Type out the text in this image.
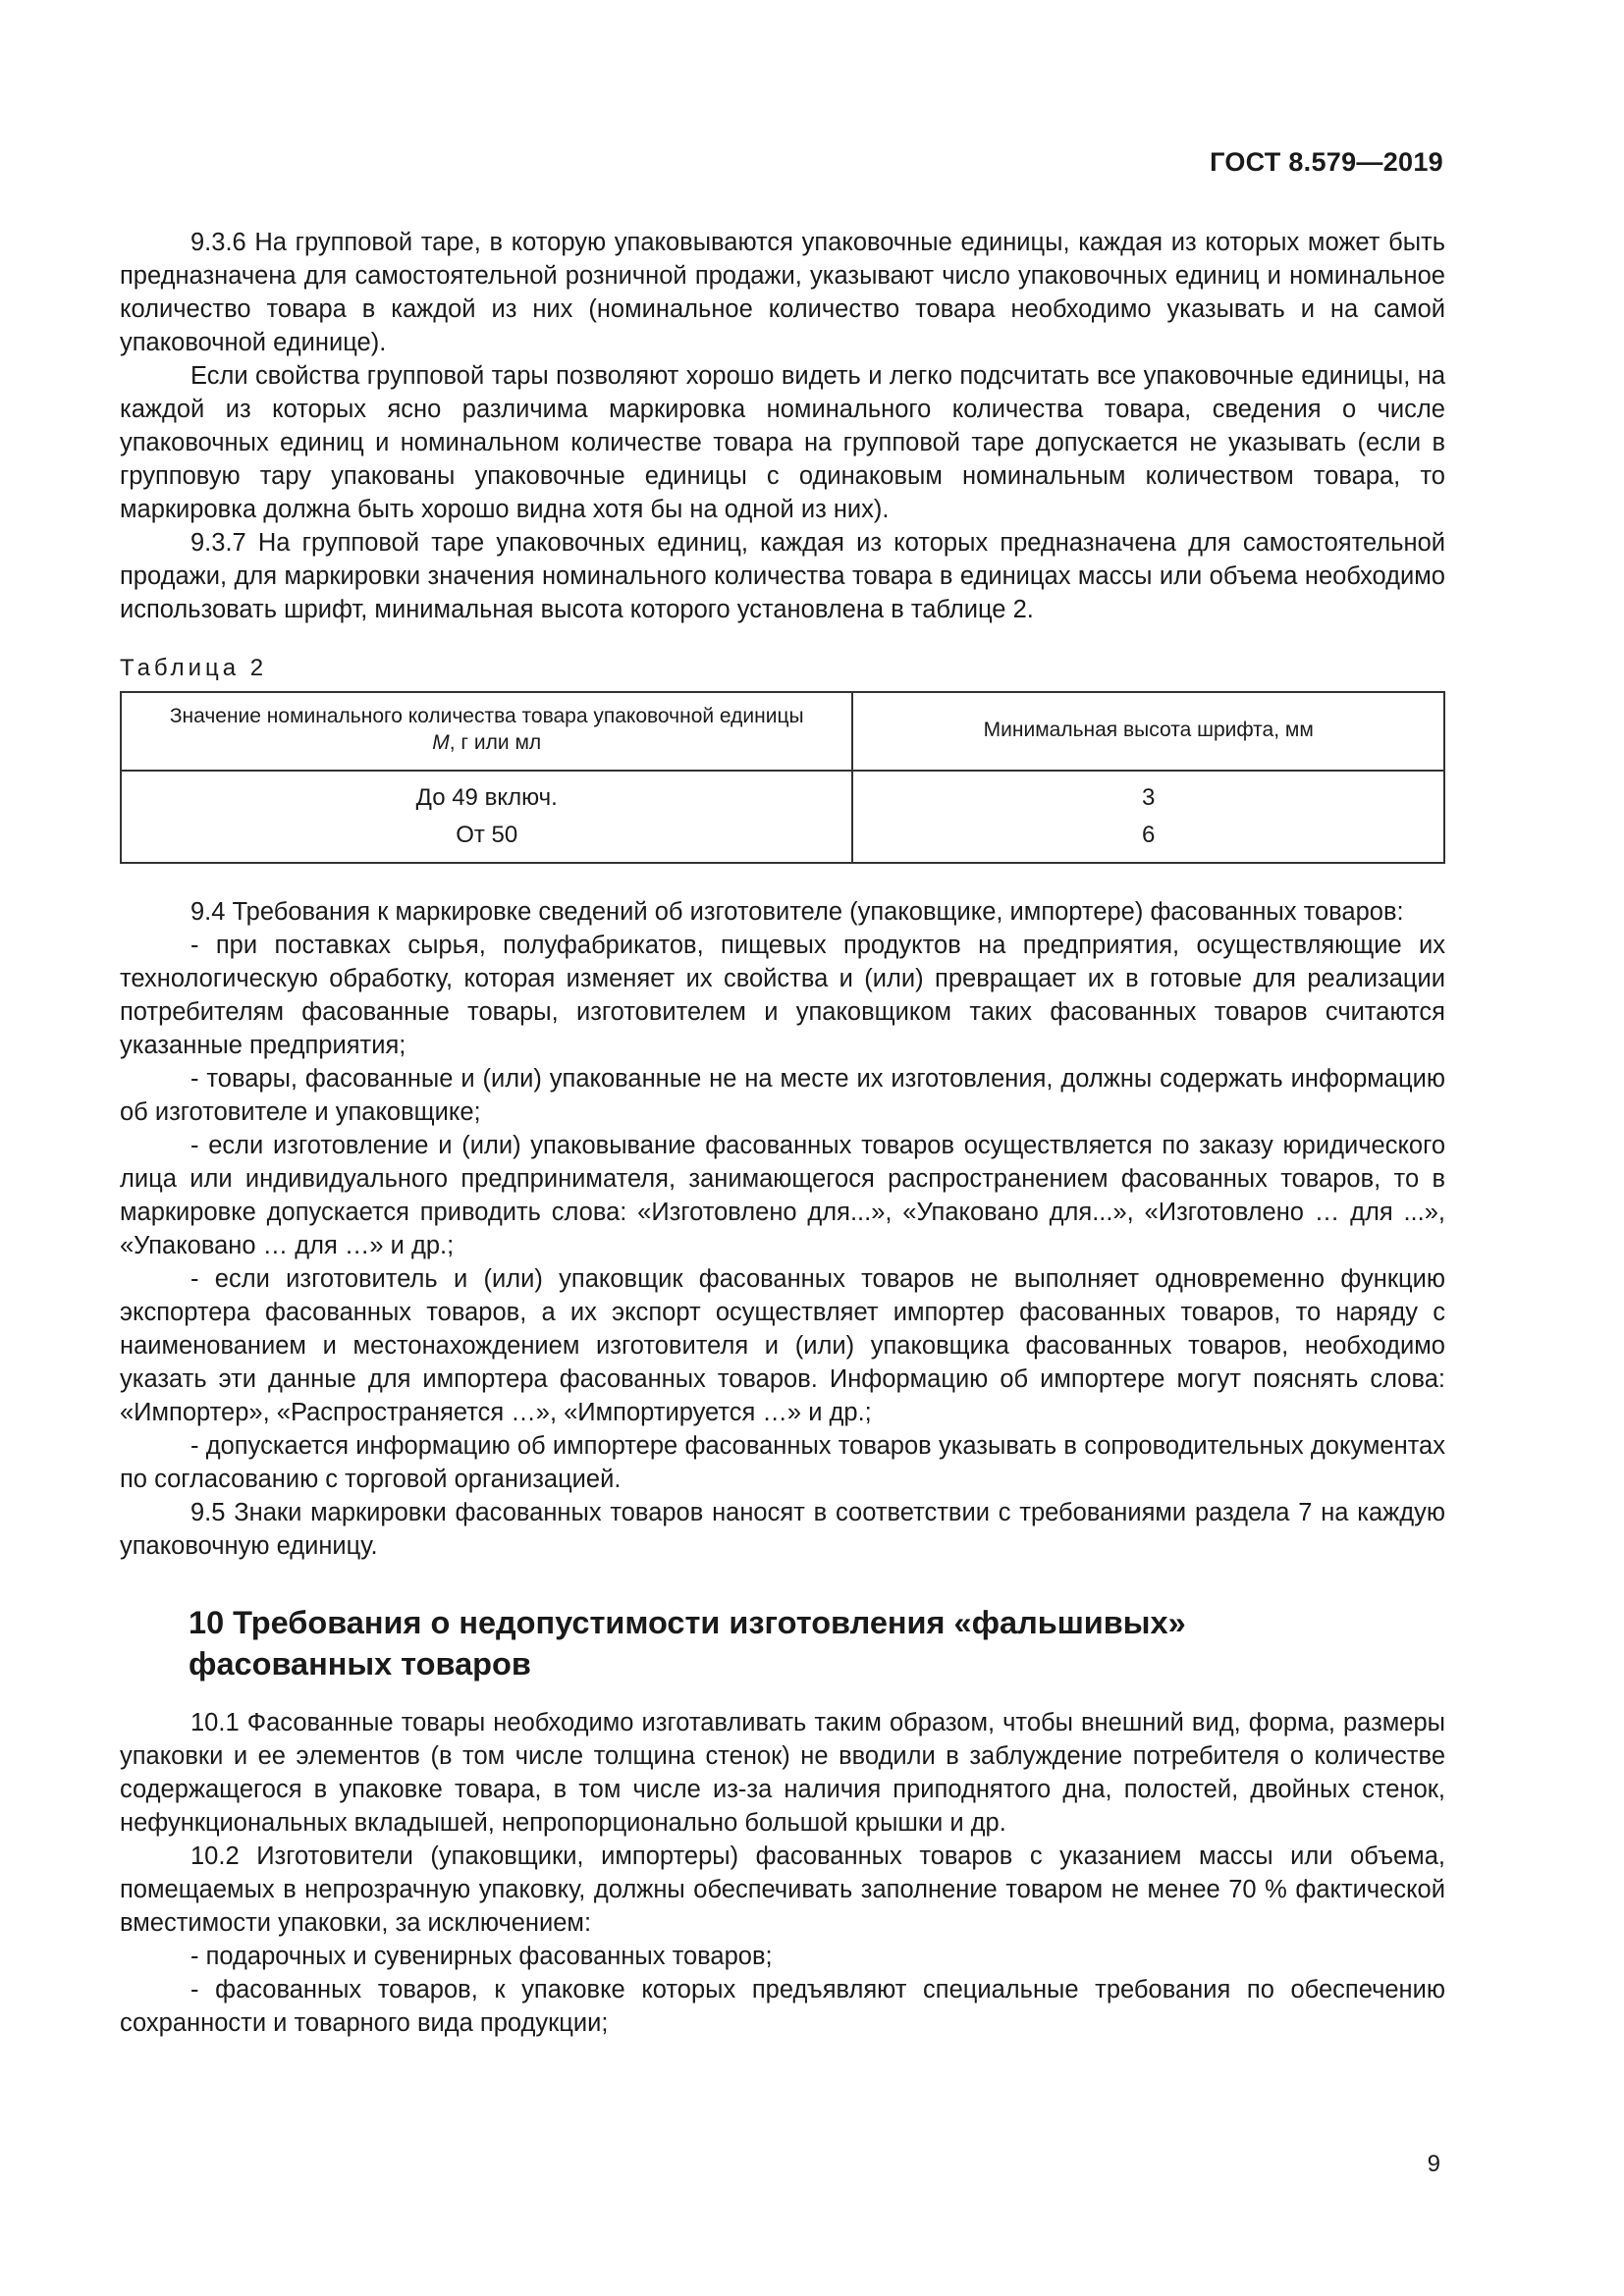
ГОСТ 8.579—2019

9.3.6 На групповой таре, в которую упаковываются упаковочные единицы, каждая из которых может быть предназначена для самостоятельной розничной продажи, указывают число упаковочных единиц и номинальное количество товара в каждой из них (номинальное количество товара необходимо указывать и на самой упаковочной единице).

Если свойства групповой тары позволяют хорошо видеть и легко подсчитать все упаковочные единицы, на каждой из которых ясно различима маркировка номинального количества товара, сведения о числе упаковочных единиц и номинальном количестве товара на групповой таре допускается не указывать (если в групповую тару упакованы упаковочные единицы с одинаковым номинальным количеством товара, то маркировка должна быть хорошо видна хотя бы на одной из них).

9.3.7 На групповой таре упаковочных единиц, каждая из которых предназначена для самостоятельной продажи, для маркировки значения номинального количества товара в единицах массы или объема необходимо использовать шрифт, минимальная высота которого установлена в таблице 2.

Таблица 2
Значение номинального количества товара упаковочной единицы
M, г или мл	Минимальная высота шрифта, мм
До 49 включ.	3
От 50	6

9.4 Требования к маркировке сведений об изготовителе (упаковщике, импортере) фасованных товаров:

- при поставках сырья, полуфабрикатов, пищевых продуктов на предприятия, осуществляющие их технологическую обработку, которая изменяет их свойства и (или) превращает их в готовые для реализации потребителям фасованные товары, изготовителем и упаковщиком таких фасованных товаров считаются указанные предприятия;

- товары, фасованные и (или) упакованные не на месте их изготовления, должны содержать информацию об изготовителе и упаковщике;

- если изготовление и (или) упаковывание фасованных товаров осуществляется по заказу юридического лица или индивидуального предпринимателя, занимающегося распространением фасованных товаров, то в маркировке допускается приводить слова: «Изготовлено для...», «Упаковано для...», «Изготовлено … для ...», «Упаковано … для …» и др.;

- если изготовитель и (или) упаковщик фасованных товаров не выполняет одновременно функцию экспортера фасованных товаров, а их экспорт осуществляет импортер фасованных товаров, то наряду с наименованием и местонахождением изготовителя и (или) упаковщика фасованных товаров, необходимо указать эти данные для импортера фасованных товаров. Информацию об импортере могут пояснять слова: «Импортер», «Распространяется …», «Импортируется …» и др.;

- допускается информацию об импортере фасованных товаров указывать в сопроводительных документах по согласованию с торговой организацией.

9.5 Знаки маркировки фасованных товаров наносят в соответствии с требованиями раздела 7 на каждую упаковочную единицу.

10 Требования о недопустимости изготовления «фальшивых»
фасованных товаров

10.1 Фасованные товары необходимо изготавливать таким образом, чтобы внешний вид, форма, размеры упаковки и ее элементов (в том числе толщина стенок) не вводили в заблуждение потребителя о количестве содержащегося в упаковке товара, в том числе из-за наличия приподнятого дна, полостей, двойных стенок, нефункциональных вкладышей, непропорционально большой крышки и др.

10.2 Изготовители (упаковщики, импортеры) фасованных товаров с указанием массы или объема, помещаемых в непрозрачную упаковку, должны обеспечивать заполнение товаром не менее 70 % фактической вместимости упаковки, за исключением:

- подарочных и сувенирных фасованных товаров;

- фасованных товаров, к упаковке которых предъявляют специальные требования по обеспечению сохранности и товарного вида продукции;

9
